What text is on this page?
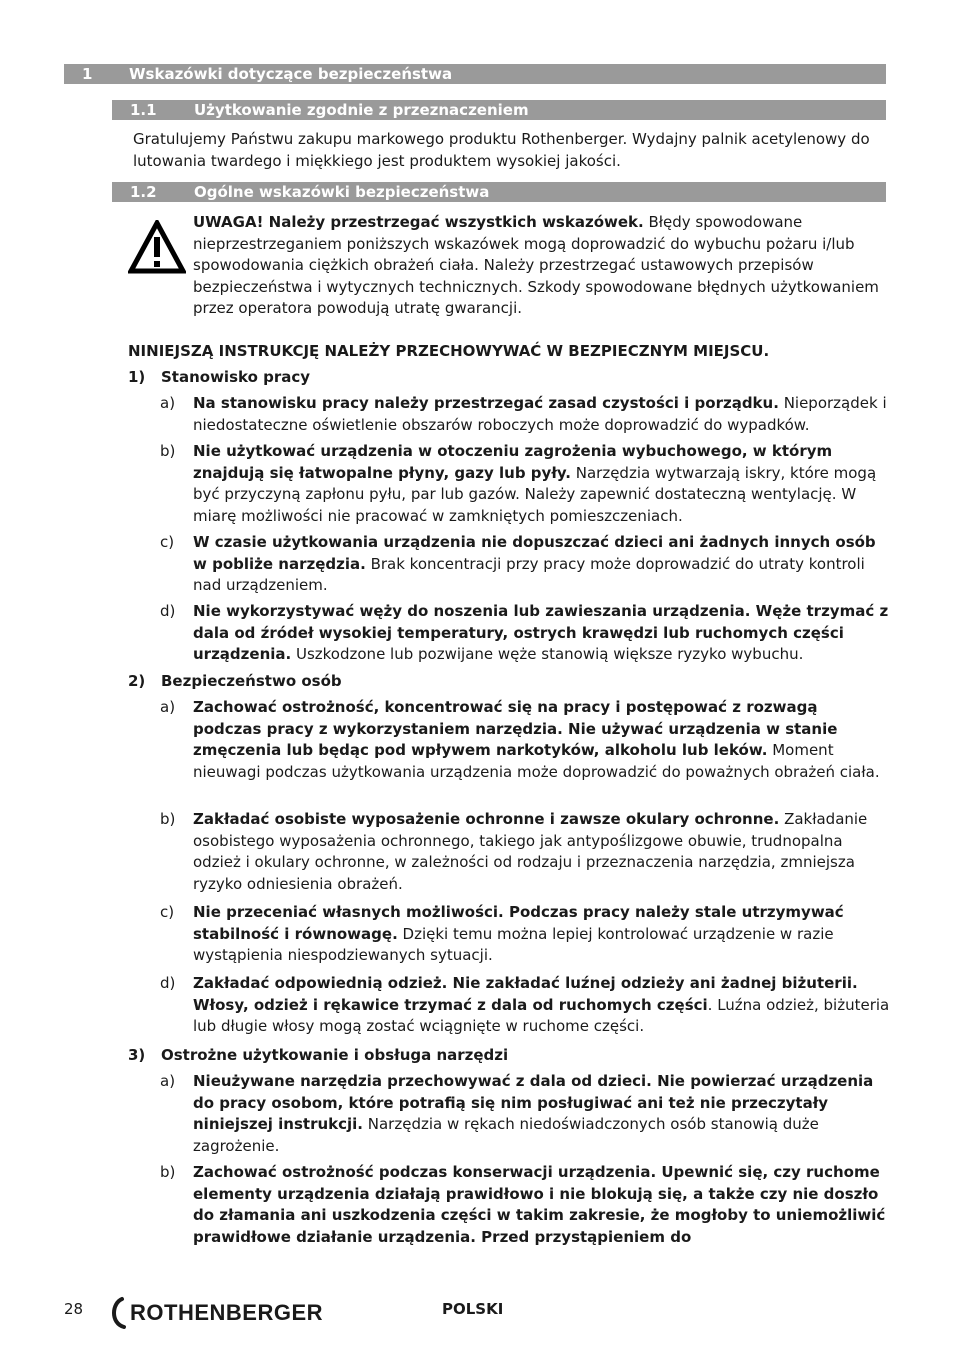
1 Wskazówki dotyczące bezpieczeństwa
1.1 Użytkowanie zgodnie z przeznaczeniem
Gratulujemy Państwu zakupu markowego produktu Rothenberger. Wydajny palnik acetylenowy do lutowania twardego i miękkiego jest produktem wysokiej jakości.
1.2 Ogólne wskazówki bezpieczeństwa
UWAGA! Należy przestrzegać wszystkich wskazówek. Błędy spowodowane nieprzestrzeganiem poniższych wskazówek mogą doprowadzić do wybuchu pożaru i/lub spowodowania ciężkich obrażeń ciała. Należy przestrzegać ustawowych przepisów bezpieczeństwa i wytycznych technicznych. Szkody spowodowane błędnych użytkowaniem przez operatora powodują utratę gwarancji.
NINIEJSZĄ INSTRUKCJĘ NALEŻY PRZECHOWYWAĆ W BEZPIECZNYM MIEJSCU.
1) Stanowisko pracy
a) Na stanowisku pracy należy przestrzegać zasad czystości i porządku. Nieporządek i niedostateczne oświetlenie obszarów roboczych może doprowadzić do wypadków.
b) Nie użytkować urządzenia w otoczeniu zagrożenia wybuchowego, w którym znajdują się łatwopalne płyny, gazy lub pyły. Narzędzia wytwarzają iskry, które mogą być przyczyną zapłonu pyłu, par lub gazów. Należy zapewnić dostateczną wentylację. W miarę możliwości nie pracować w zamkniętych pomieszczeniach.
c) W czasie użytkowania urządzenia nie dopuszczać dzieci ani żadnych innych osób w pobliże narzędzia. Brak koncentracji przy pracy może doprowadzić do utraty kontroli nad urządzeniem.
d) Nie wykorzystywać węży do noszenia lub zawieszania urządzenia. Węże trzymać z dala od źródeł wysokiej temperatury, ostrych krawędzi lub ruchomych części urządzenia. Uszkodzone lub pozwijane węże stanowią większe ryzyko wybuchu.
2) Bezpieczeństwo osób
a) Zachować ostrożność, koncentrować się na pracy i postępować z rozwagą podczas pracy z wykorzystaniem narzędzia. Nie używać urządzenia w stanie zmęczenia lub będąc pod wpływem narkotyków, alkoholu lub leków. Moment nieuwagi podczas użytkowania urządzenia może doprowadzić do poważnych obrażeń ciała.
b) Zakładać osobiste wyposażenie ochronne i zawsze okulary ochronne. Zakładanie osobistego wyposażenia ochronnego, takiego jak antypoślizgowe obuwie, trudnopalna odzież i okulary ochronne, w zależności od rodzaju i przeznaczenia narzędzia, zmniejsza ryzyko odniesienia obrażeń.
c) Nie przeceniać własnych możliwości. Podczas pracy należy stale utrzymywać stabilność i równowagę. Dzięki temu można lepiej kontrolować urządzenie w razie wystąpienia niespodziewanych sytuacji.
d) Zakładać odpowiednią odzież. Nie zakładać luźnej odzieży ani żadnej biżuterii. Włosy, odzież i rękawice trzymać z dala od ruchomych części. Luźna odzież, biżuteria lub długie włosy mogą zostać wciągnięte w ruchome części.
3) Ostrożne użytkowanie i obsługa narzędzi
a) Nieużywane narzędzia przechowywać z dala od dzieci. Nie powierzać urządzenia do pracy osobom, które potrafią się nim posługiwać ani też nie przeczytały niniejszej instrukcji. Narzędzia w rękach niedoświadczonych osób stanowią duże zagrożenie.
b) Zachować ostrożność podczas konserwacji urządzenia. Upewnić się, czy ruchome elementy urządzenia działają prawidłowo i nie blokują się, a także czy nie doszło do złamania ani uszkodzenia części w takim zakresie, że mogłoby to uniemożliwić prawidłowe działanie urządzenia. Przed przystąpieniem do
28 ROTHENBERGER	POLSKI
